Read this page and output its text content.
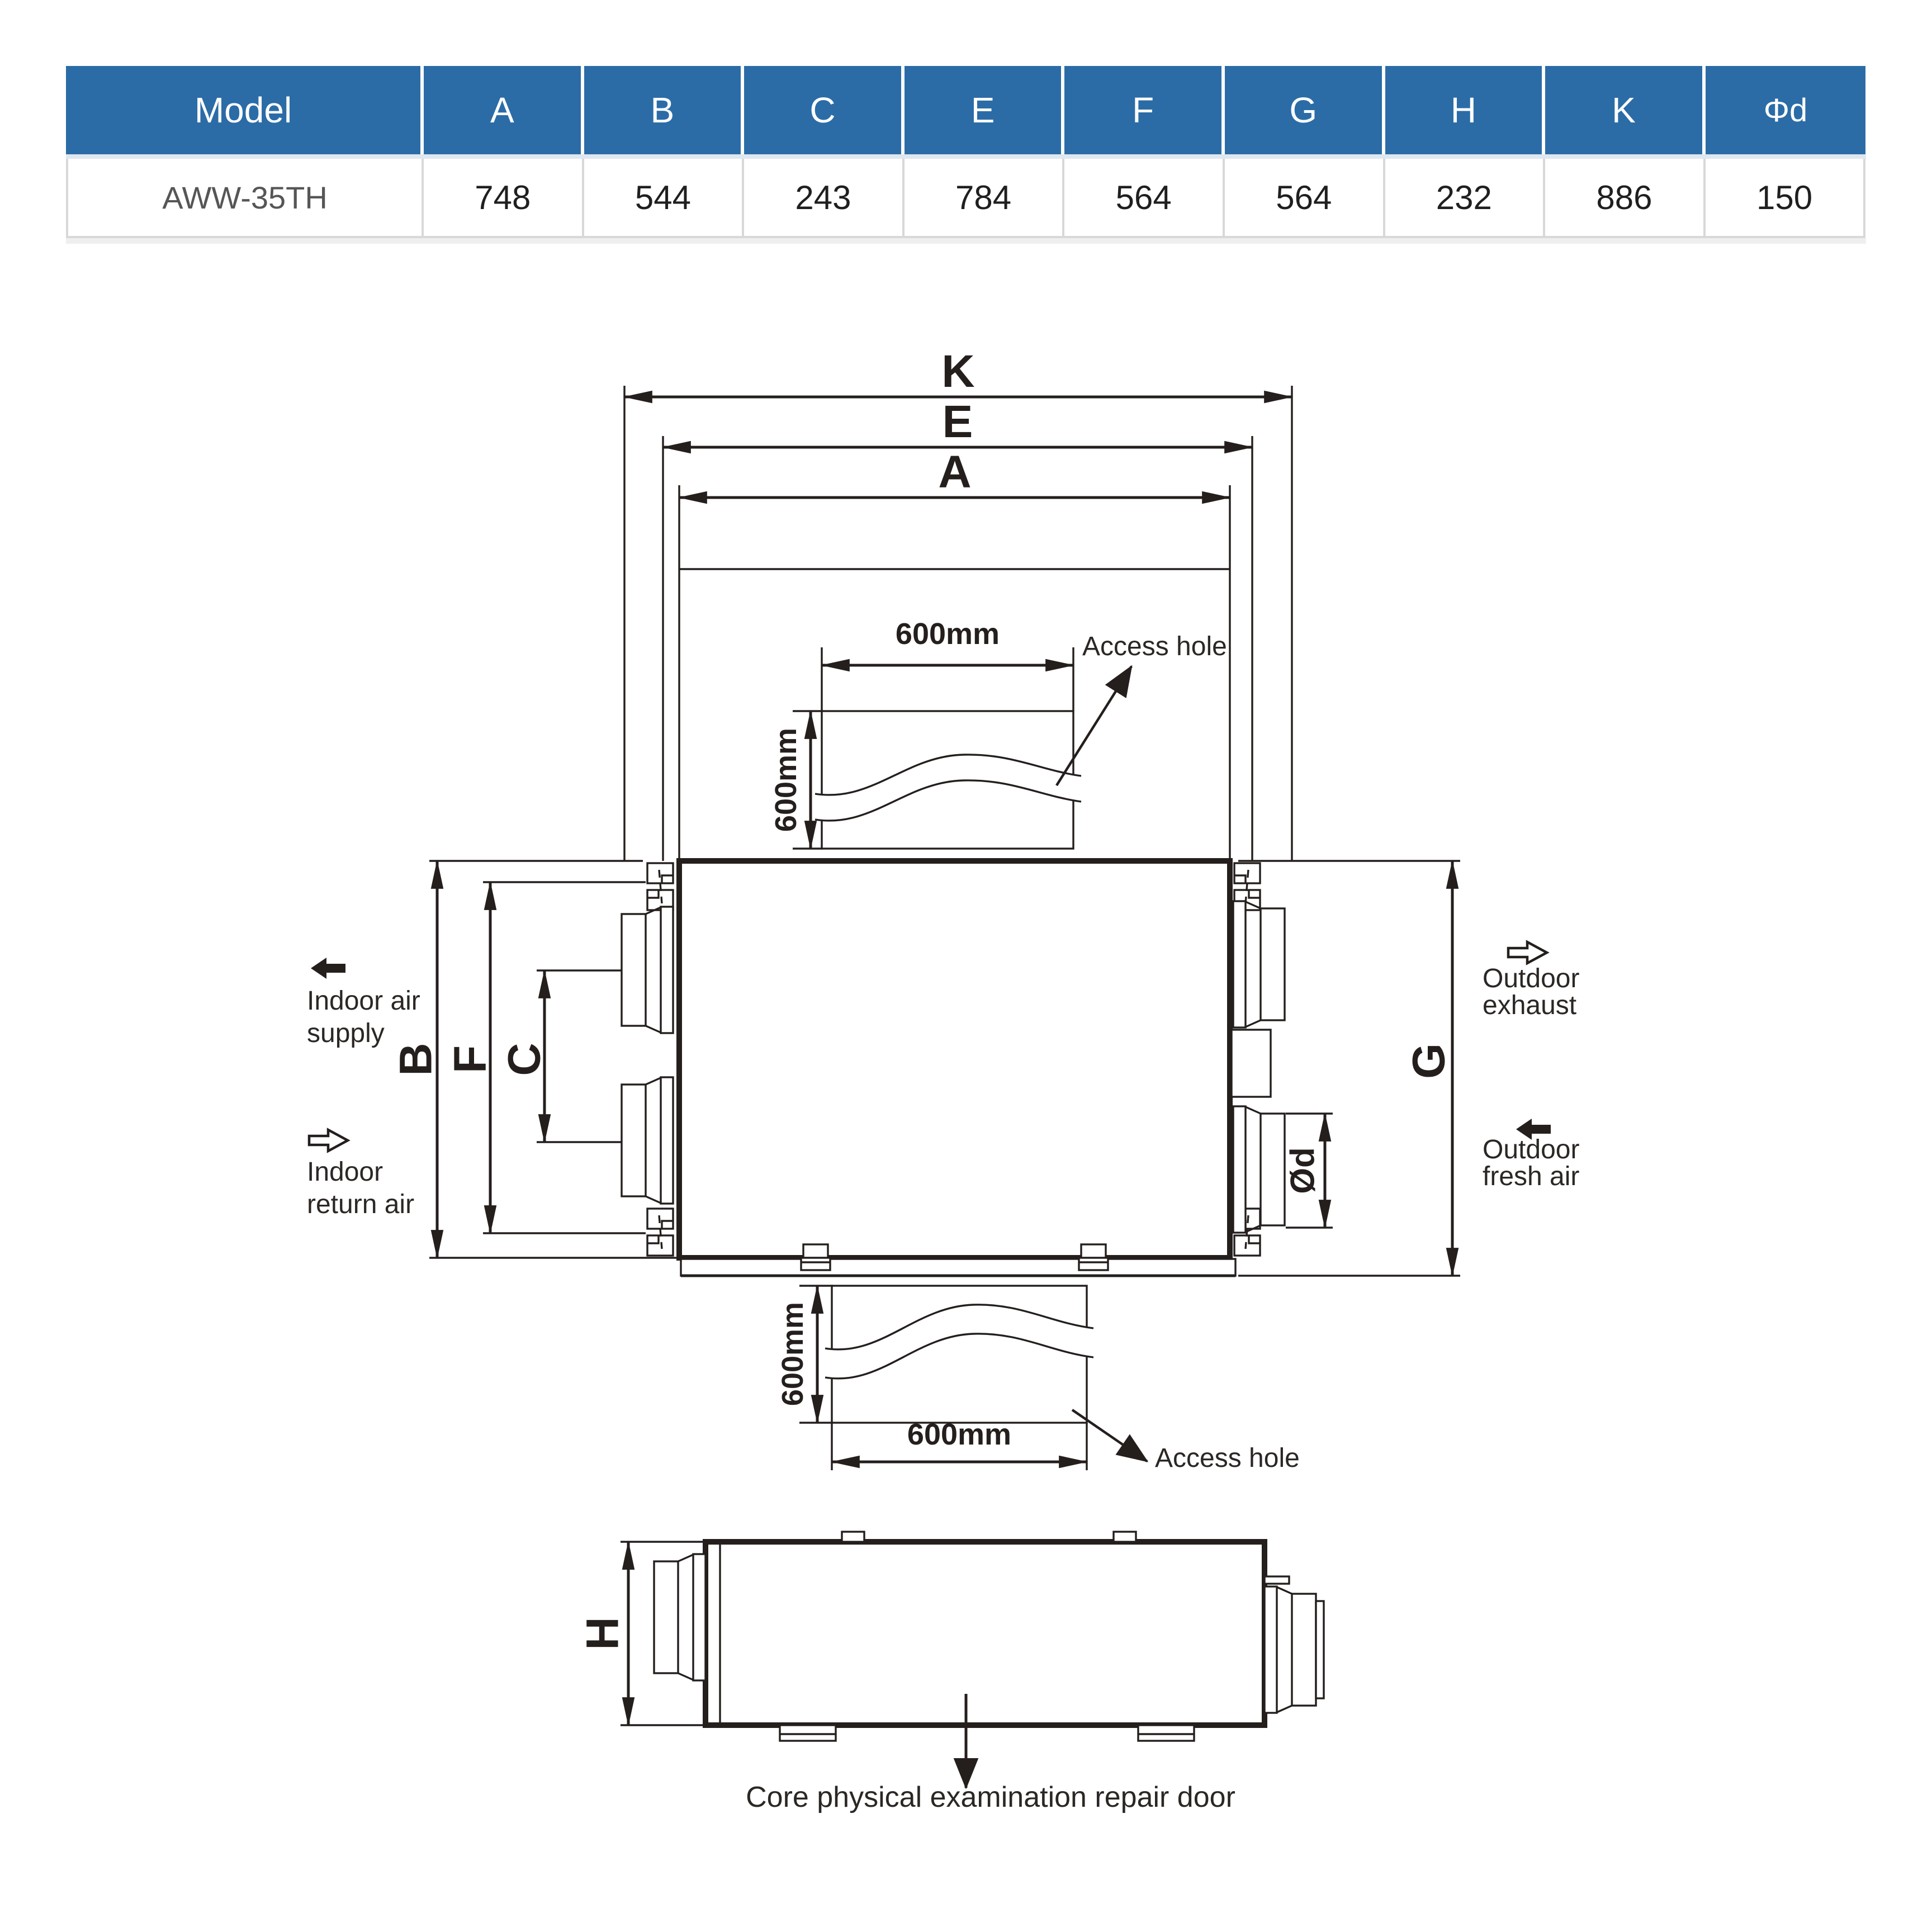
Model	A	B	C	E	F	G	H	K	Φd
AWW-35TH	748	544	243	784	564	564	232	886	150
K
E
A
600mm
600mm
Access hole
B F C
Ød
G
600mm
600mm
Access hole
Indoor air
supply
Indoor
return air
Outdoor
exhaust
Outdoor
fresh air
H
Core physical examination repair door
